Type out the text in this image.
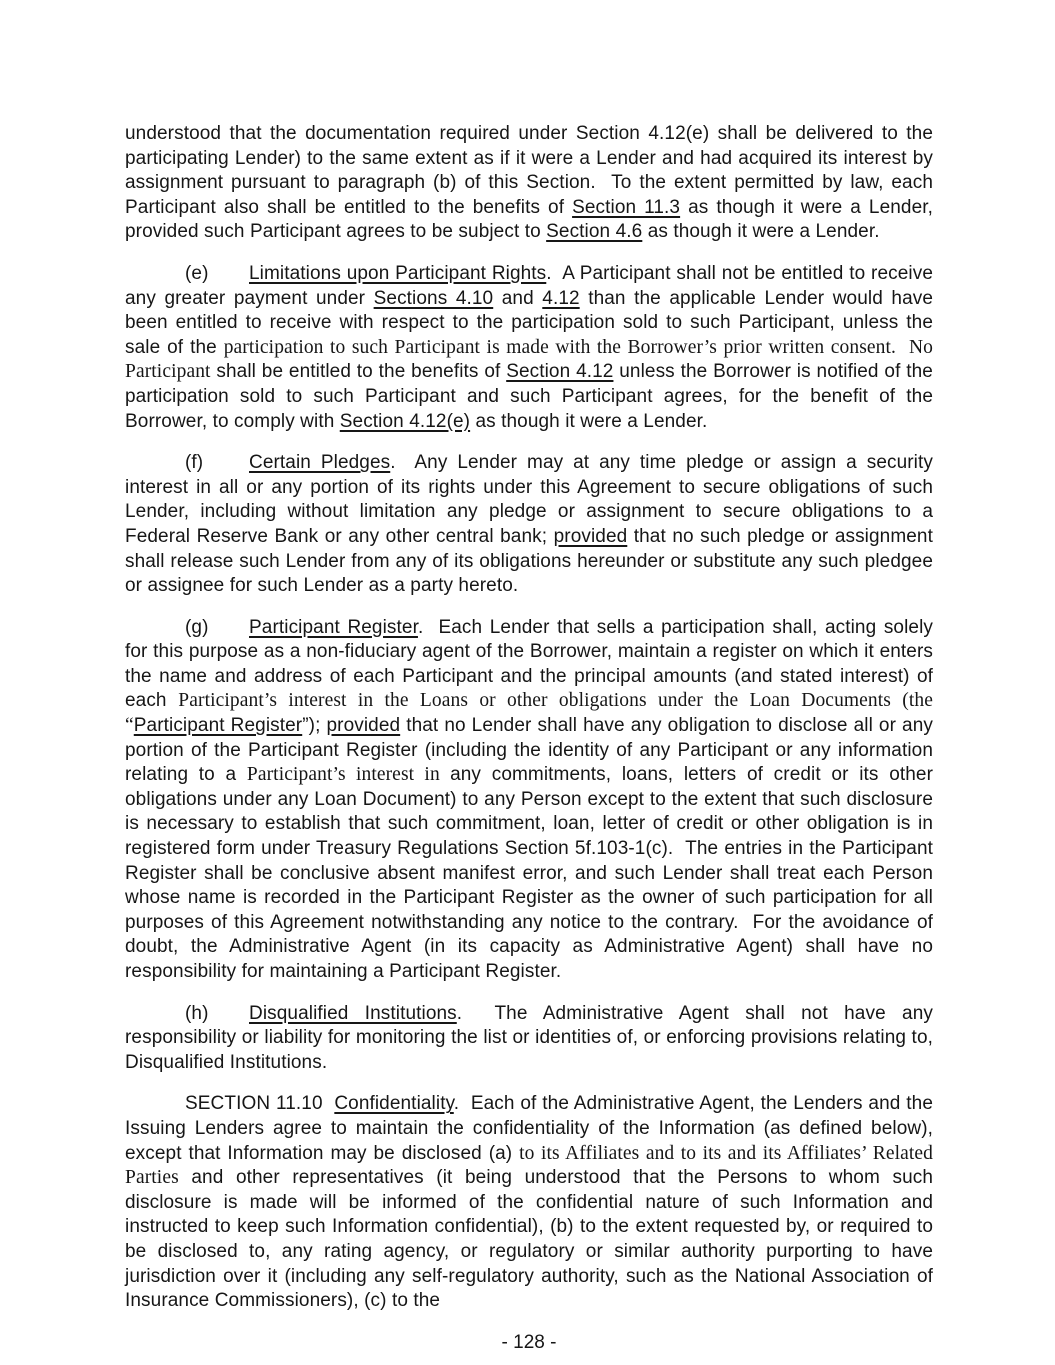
understood that the documentation required under Section 4.12(e) shall be delivered to the participating Lender) to the same extent as if it were a Lender and had acquired its interest by assignment pursuant to paragraph (b) of this Section.  To the extent permitted by law, each Participant also shall be entitled to the benefits of Section 11.3 as though it were a Lender, provided such Participant agrees to be subject to Section 4.6 as though it were a Lender.

(e) Limitations upon Participant Rights.  A Participant shall not be entitled to receive any greater payment under Sections 4.10 and 4.12 than the applicable Lender would have been entitled to receive with respect to the participation sold to such Participant, unless the sale of the participation to such Participant is made with the Borrower’s prior written consent.  No Participant shall be entitled to the benefits of Section 4.12 unless the Borrower is notified of the participation sold to such Participant and such Participant agrees, for the benefit of the Borrower, to comply with Section 4.12(e) as though it were a Lender.

(f) Certain Pledges.  Any Lender may at any time pledge or assign a security interest in all or any portion of its rights under this Agreement to secure obligations of such Lender, including without limitation any pledge or assignment to secure obligations to a Federal Reserve Bank or any other central bank; provided that no such pledge or assignment shall release such Lender from any of its obligations hereunder or substitute any such pledgee or assignee for such Lender as a party hereto.

(g) Participant Register.  Each Lender that sells a participation shall, acting solely for this purpose as a non-fiduciary agent of the Borrower, maintain a register on which it enters the name and address of each Participant and the principal amounts (and stated interest) of each Participant’s interest in the Loans or other obligations under the Loan Documents (the “Participant Register”); provided that no Lender shall have any obligation to disclose all or any portion of the Participant Register (including the identity of any Participant or any information relating to a Participant’s interest in any commitments, loans, letters of credit or its other obligations under any Loan Document) to any Person except to the extent that such disclosure is necessary to establish that such commitment, loan, letter of credit or other obligation is in registered form under Treasury Regulations Section 5f.103-1(c).  The entries in the Participant Register shall be conclusive absent manifest error, and such Lender shall treat each Person whose name is recorded in the Participant Register as the owner of such participation for all purposes of this Agreement notwithstanding any notice to the contrary.  For the avoidance of doubt, the Administrative Agent (in its capacity as Administrative Agent) shall have no responsibility for maintaining a Participant Register.

(h) Disqualified Institutions.  The Administrative Agent shall not have any responsibility or liability for monitoring the list or identities of, or enforcing provisions relating to, Disqualified Institutions.

SECTION 11.10  Confidentiality.  Each of the Administrative Agent, the Lenders and the Issuing Lenders agree to maintain the confidentiality of the Information (as defined below), except that Information may be disclosed (a) to its Affiliates and to its and its Affiliates’ Related Parties and other representatives (it being understood that the Persons to whom such disclosure is made will be informed of the confidential nature of such Information and instructed to keep such Information confidential), (b) to the extent requested by, or required to be disclosed to, any rating agency, or regulatory or similar authority purporting to have jurisdiction over it (including any self-regulatory authority, such as the National Association of Insurance Commissioners), (c) to the

- 128 -
